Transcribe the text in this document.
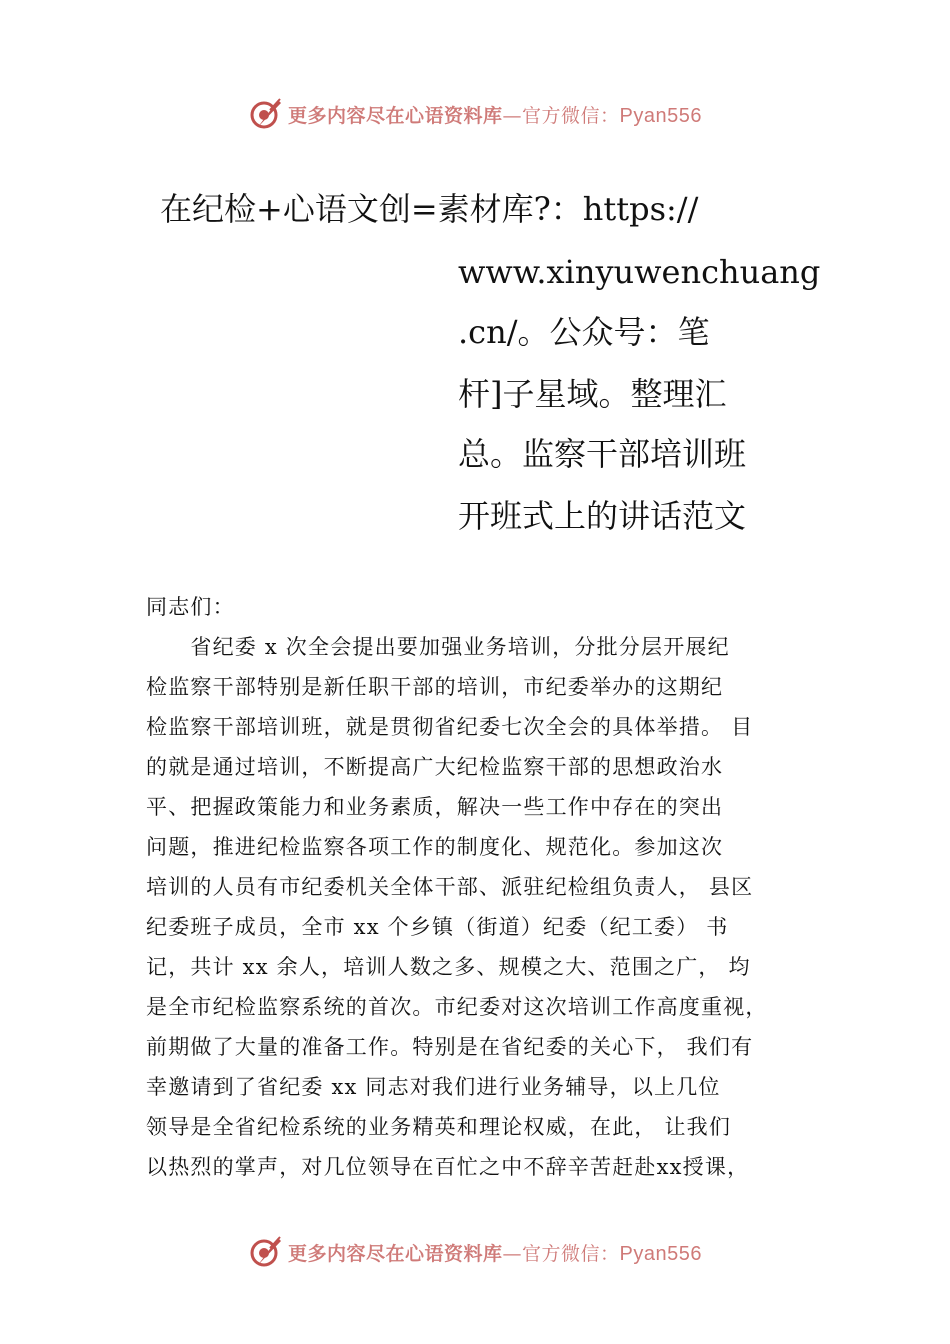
更多内容尽在心语资料库—官方微信：Pyan556
在纪检+心语文创=素材库?：https://
www.xinyuwenchuang
.cn/。公众号：笔
杆]子星域。整理汇
总。监察干部培训班
开班式上的讲话范文
同志们：
　　省纪委 x 次全会提出要加强业务培训，分批分层开展纪
检监察干部特别是新任职干部的培训，市纪委举办的这期纪
检监察干部培训班，就是贯彻省纪委七次全会的具体举措。 目
的就是通过培训，不断提高广大纪检监察干部的思想政治水
平、把握政策能力和业务素质，解决一些工作中存在的突出
问题，推进纪检监察各项工作的制度化、规范化。参加这次
培训的人员有市纪委机关全体干部、派驻纪检组负责人， 县区
纪委班子成员，全市 xx 个乡镇（街道）纪委（纪工委） 书
记，共计 xx 余人，培训人数之多、规模之大、范围之广， 均
是全市纪检监察系统的首次。市纪委对这次培训工作高度重视，
前期做了大量的准备工作。特别是在省纪委的关心下， 我们有
幸邀请到了省纪委 xx 同志对我们进行业务辅导，以上几位
领导是全省纪检系统的业务精英和理论权威，在此， 让我们
以热烈的掌声，对几位领导在百忙之中不辞辛苦赶赴xx授课，
更多内容尽在心语资料库—官方微信：Pyan556
